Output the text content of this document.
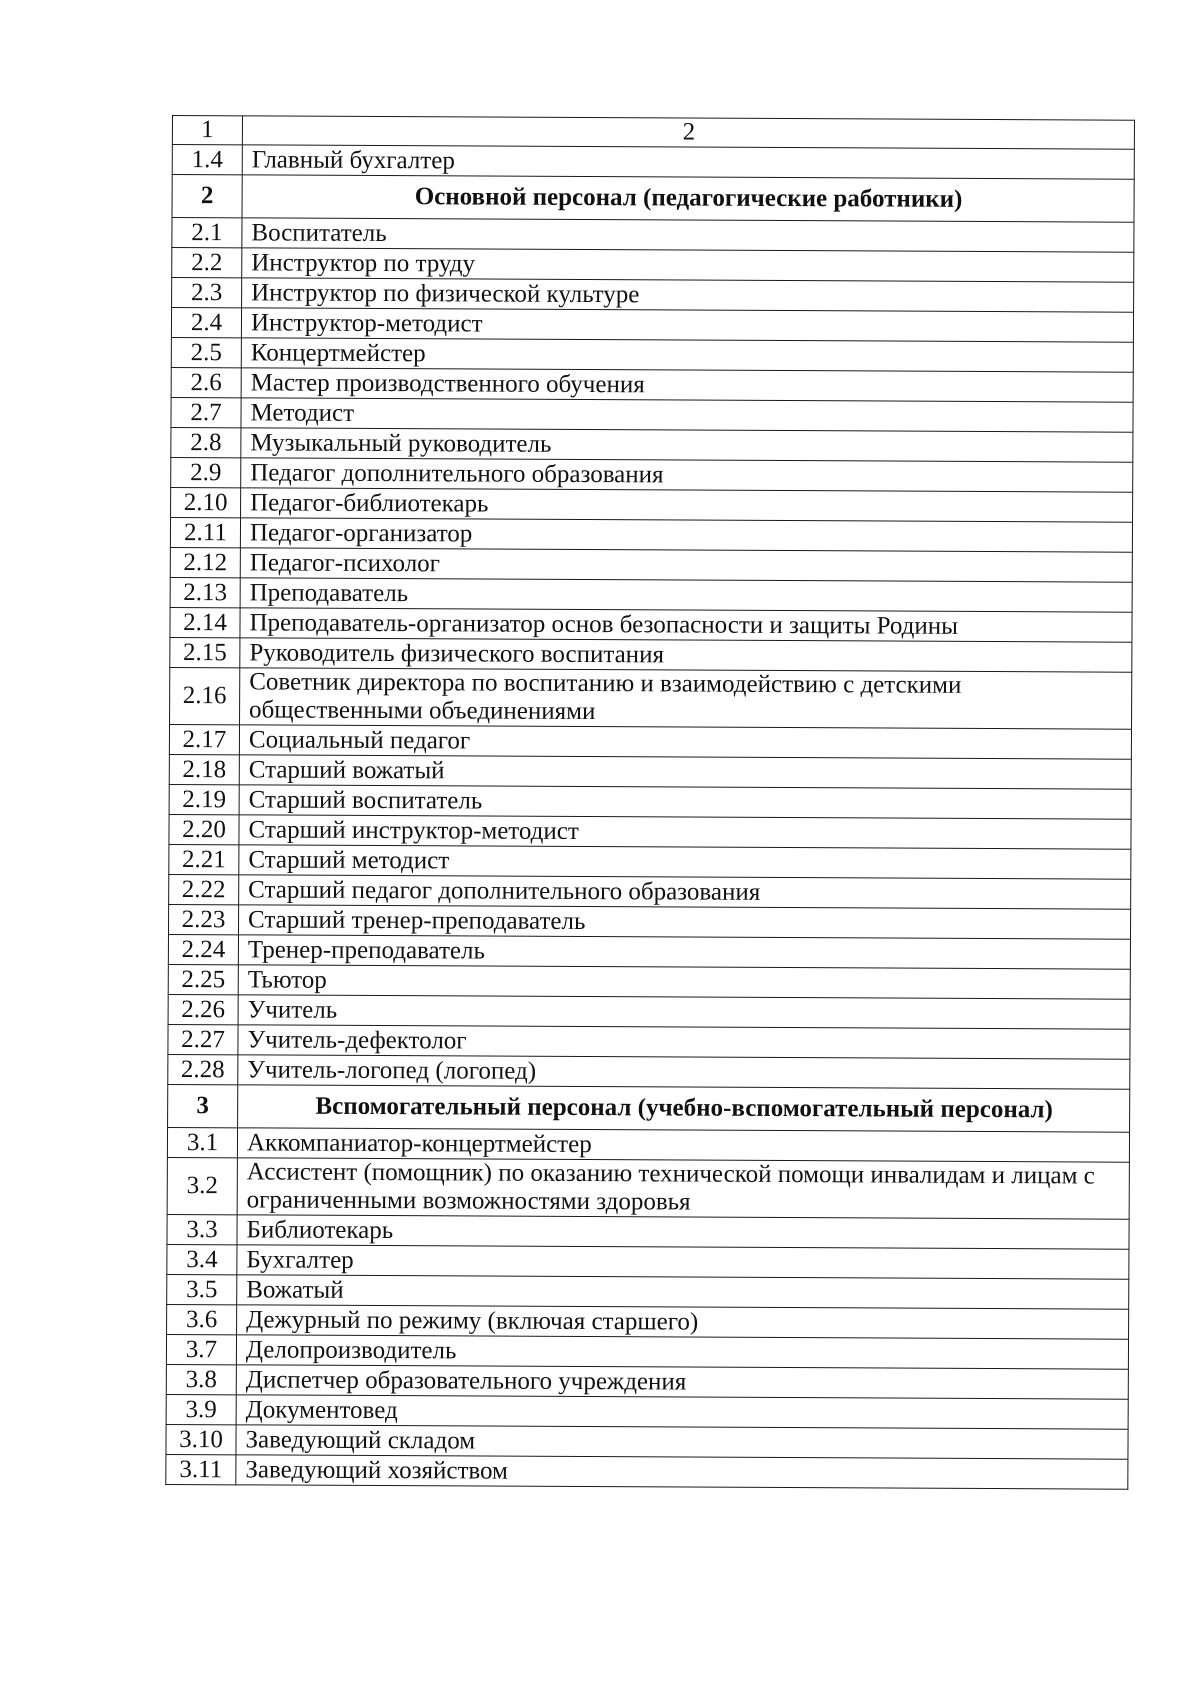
1	2
1.4	Главный бухгалтер
2	Основной персонал (педагогические работники)
2.1	Воспитатель
2.2	Инструктор по труду
2.3	Инструктор по физической культуре
2.4	Инструктор-методист
2.5	Концертмейстер
2.6	Мастер производственного обучения
2.7	Методист
2.8	Музыкальный руководитель
2.9	Педагог дополнительного образования
2.10	Педагог-библиотекарь
2.11	Педагог-организатор
2.12	Педагог-психолог
2.13	Преподаватель
2.14	Преподаватель-организатор основ безопасности и защиты Родины
2.15	Руководитель физического воспитания
2.16	Советник директора по воспитанию и взаимодействию с детскими общественными объединениями
2.17	Социальный педагог
2.18	Старший вожатый
2.19	Старший воспитатель
2.20	Старший инструктор-методист
2.21	Старший методист
2.22	Старший педагог дополнительного образования
2.23	Старший тренер-преподаватель
2.24	Тренер-преподаватель
2.25	Тьютор
2.26	Учитель
2.27	Учитель-дефектолог
2.28	Учитель-логопед (логопед)
3	Вспомогательный персонал (учебно-вспомогательный персонал)
3.1	Аккомпаниатор-концертмейстер
3.2	Ассистент (помощник) по оказанию технической помощи инвалидам и лицам с ограниченными возможностями здоровья
3.3	Библиотекарь
3.4	Бухгалтер
3.5	Вожатый
3.6	Дежурный по режиму (включая старшего)
3.7	Делопроизводитель
3.8	Диспетчер образовательного учреждения
3.9	Документовед
3.10	Заведующий складом
3.11	Заведующий хозяйством
